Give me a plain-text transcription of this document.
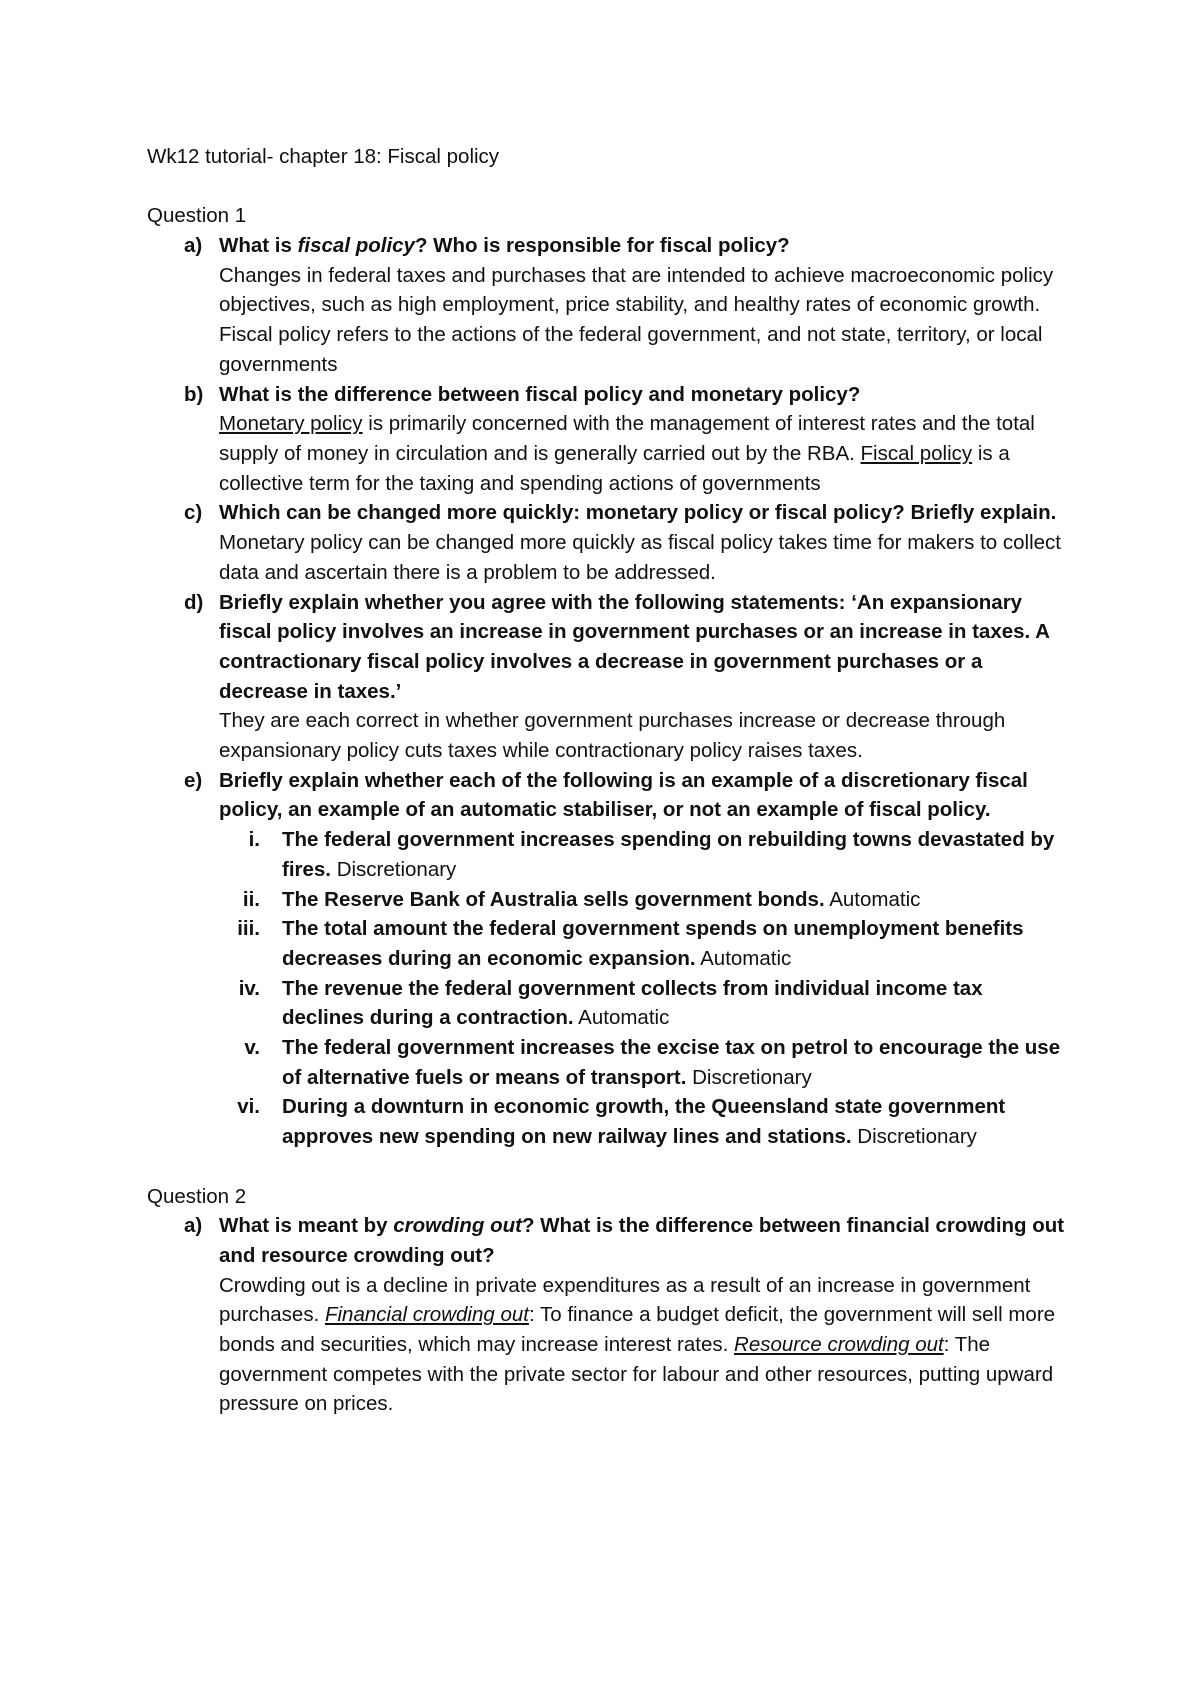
Wk12 tutorial- chapter 18: Fiscal policy
Question 1
a) What is fiscal policy? Who is responsible for fiscal policy?
Changes in federal taxes and purchases that are intended to achieve macroeconomic policy objectives, such as high employment, price stability, and healthy rates of economic growth. Fiscal policy refers to the actions of the federal government, and not state, territory, or local governments
b) What is the difference between fiscal policy and monetary policy?
Monetary policy is primarily concerned with the management of interest rates and the total supply of money in circulation and is generally carried out by the RBA. Fiscal policy is a collective term for the taxing and spending actions of governments
c) Which can be changed more quickly: monetary policy or fiscal policy? Briefly explain.
Monetary policy can be changed more quickly as fiscal policy takes time for makers to collect data and ascertain there is a problem to be addressed.
d) Briefly explain whether you agree with the following statements: ‘An expansionary fiscal policy involves an increase in government purchases or an increase in taxes. A contractionary fiscal policy involves a decrease in government purchases or a decrease in taxes.’
They are each correct in whether government purchases increase or decrease through expansionary policy cuts taxes while contractionary policy raises taxes.
e) Briefly explain whether each of the following is an example of a discretionary fiscal policy, an example of an automatic stabiliser, or not an example of fiscal policy.
i. The federal government increases spending on rebuilding towns devastated by fires. Discretionary
ii. The Reserve Bank of Australia sells government bonds. Automatic
iii. The total amount the federal government spends on unemployment benefits decreases during an economic expansion. Automatic
iv. The revenue the federal government collects from individual income tax declines during a contraction. Automatic
v. The federal government increases the excise tax on petrol to encourage the use of alternative fuels or means of transport. Discretionary
vi. During a downturn in economic growth, the Queensland state government approves new spending on new railway lines and stations. Discretionary
Question 2
a) What is meant by crowding out? What is the difference between financial crowding out and resource crowding out?
Crowding out is a decline in private expenditures as a result of an increase in government purchases. Financial crowding out: To finance a budget deficit, the government will sell more bonds and securities, which may increase interest rates. Resource crowding out: The government competes with the private sector for labour and other resources, putting upward pressure on prices.
